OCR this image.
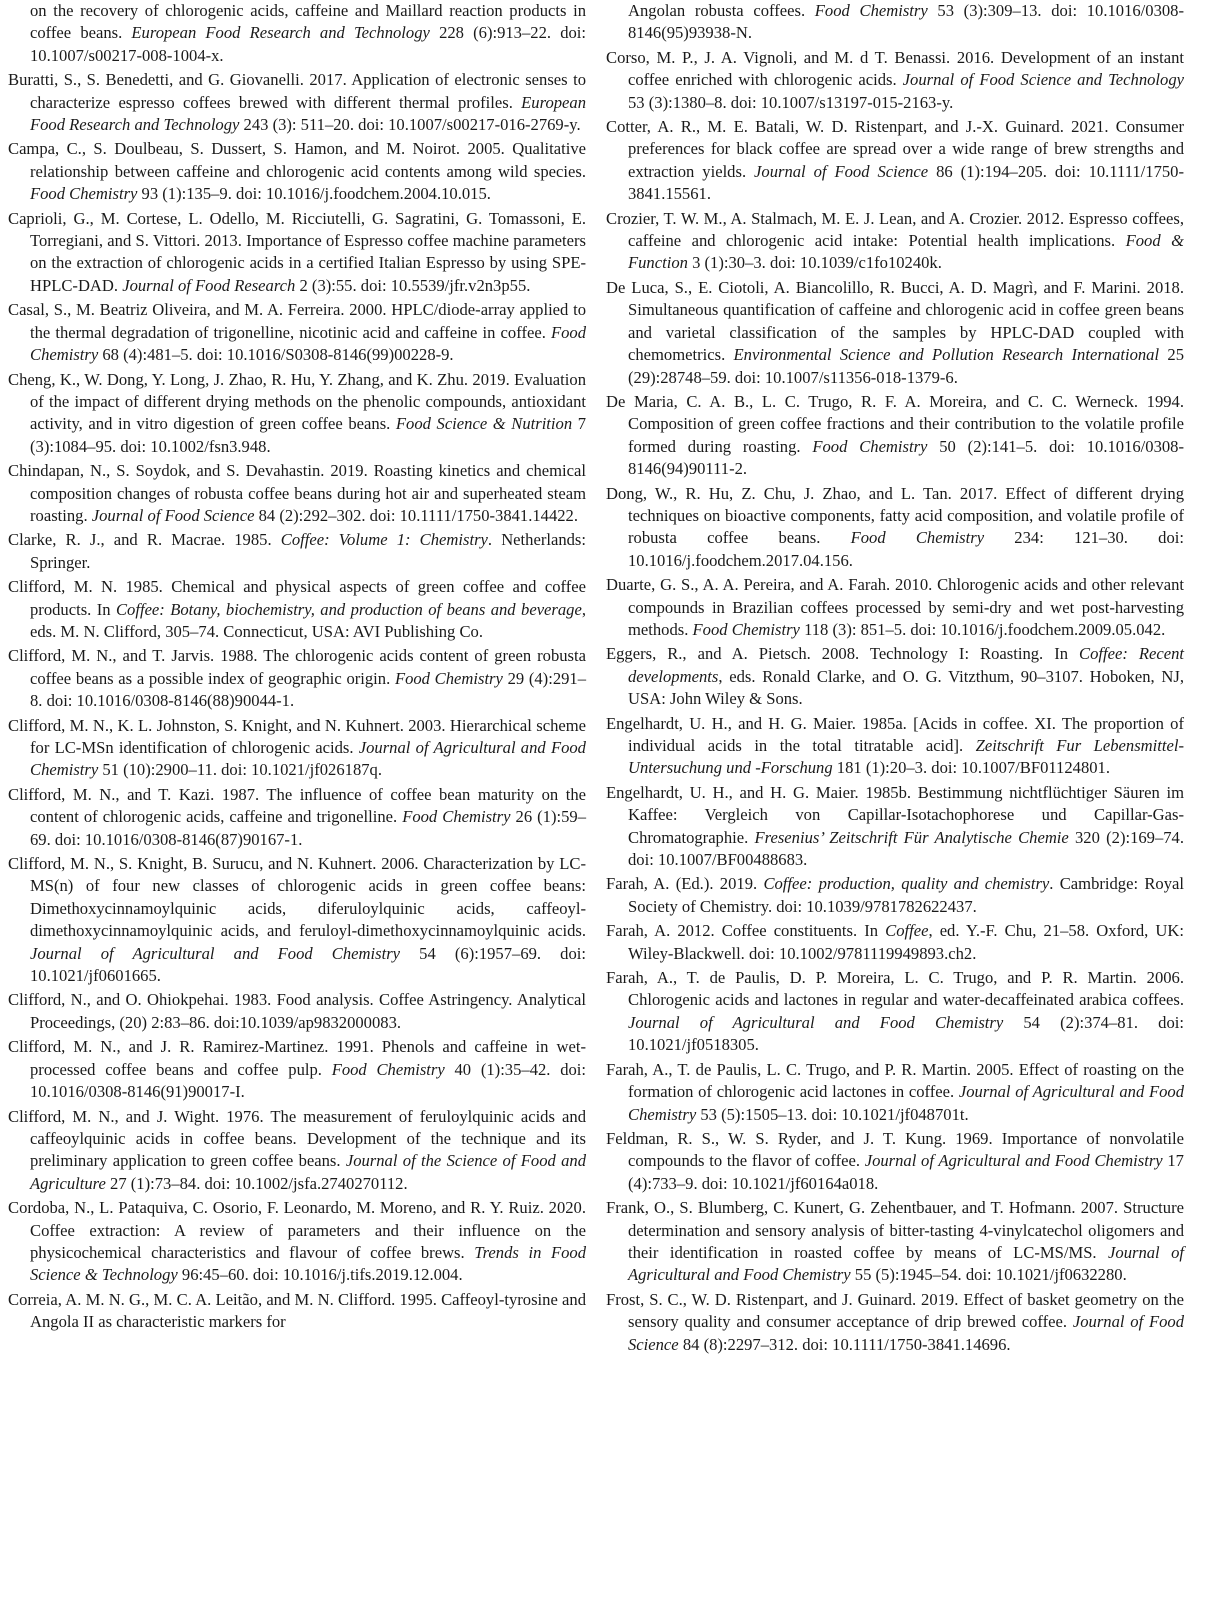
on the recovery of chlorogenic acids, caffeine and Maillard reaction products in coffee beans. European Food Research and Technology 228 (6):913–22. doi: 10.1007/s00217-008-1004-x.

Buratti, S., S. Benedetti, and G. Giovanelli. 2017. Application of electronic senses to characterize espresso coffees brewed with different thermal profiles. European Food Research and Technology 243 (3): 511–20. doi: 10.1007/s00217-016-2769-y.

Campa, C., S. Doulbeau, S. Dussert, S. Hamon, and M. Noirot. 2005. Qualitative relationship between caffeine and chlorogenic acid contents among wild species. Food Chemistry 93 (1):135–9. doi: 10.1016/j.foodchem.2004.10.015.

Caprioli, G., M. Cortese, L. Odello, M. Ricciutelli, G. Sagratini, G. Tomassoni, E. Torregiani, and S. Vittori. 2013. Importance of Espresso coffee machine parameters on the extraction of chlorogenic acids in a certified Italian Espresso by using SPE-HPLC-DAD. Journal of Food Research 2 (3):55. doi: 10.5539/jfr.v2n3p55.

Casal, S., M. Beatriz Oliveira, and M. A. Ferreira. 2000. HPLC/diode-array applied to the thermal degradation of trigonelline, nicotinic acid and caffeine in coffee. Food Chemistry 68 (4):481–5. doi: 10.1016/S0308-8146(99)00228-9.

Cheng, K., W. Dong, Y. Long, J. Zhao, R. Hu, Y. Zhang, and K. Zhu. 2019. Evaluation of the impact of different drying methods on the phenolic compounds, antioxidant activity, and in vitro digestion of green coffee beans. Food Science & Nutrition 7 (3):1084–95. doi: 10.1002/fsn3.948.

Chindapan, N., S. Soydok, and S. Devahastin. 2019. Roasting kinetics and chemical composition changes of robusta coffee beans during hot air and superheated steam roasting. Journal of Food Science 84 (2):292–302. doi: 10.1111/1750-3841.14422.

Clarke, R. J., and R. Macrae. 1985. Coffee: Volume 1: Chemistry. Netherlands: Springer.

Clifford, M. N. 1985. Chemical and physical aspects of green coffee and coffee products. In Coffee: Botany, biochemistry, and production of beans and beverage, eds. M. N. Clifford, 305–74. Connecticut, USA: AVI Publishing Co.

Clifford, M. N., and T. Jarvis. 1988. The chlorogenic acids content of green robusta coffee beans as a possible index of geographic origin. Food Chemistry 29 (4):291–8. doi: 10.1016/0308-8146(88)90044-1.

Clifford, M. N., K. L. Johnston, S. Knight, and N. Kuhnert. 2003. Hierarchical scheme for LC-MSn identification of chlorogenic acids. Journal of Agricultural and Food Chemistry 51 (10):2900–11. doi: 10.1021/jf026187q.

Clifford, M. N., and T. Kazi. 1987. The influence of coffee bean maturity on the content of chlorogenic acids, caffeine and trigonelline. Food Chemistry 26 (1):59–69. doi: 10.1016/0308-8146(87)90167-1.

Clifford, M. N., S. Knight, B. Surucu, and N. Kuhnert. 2006. Characterization by LC-MS(n) of four new classes of chlorogenic acids in green coffee beans: Dimethoxycinnamoylquinic acids, diferuloylquinic acids, caffeoyl-dimethoxycinnamoylquinic acids, and feruloyl-dimethoxycinnamoylquinic acids. Journal of Agricultural and Food Chemistry 54 (6):1957–69. doi: 10.1021/jf0601665.

Clifford, N., and O. Ohiokpehai. 1983. Food analysis. Coffee Astringency. Analytical Proceedings, (20) 2:83–86. doi:10.1039/ap9832000083.

Clifford, M. N., and J. R. Ramirez-Martinez. 1991. Phenols and caffeine in wet-processed coffee beans and coffee pulp. Food Chemistry 40 (1):35–42. doi: 10.1016/0308-8146(91)90017-I.

Clifford, M. N., and J. Wight. 1976. The measurement of feruloylquinic acids and caffeoylquinic acids in coffee beans. Development of the technique and its preliminary application to green coffee beans. Journal of the Science of Food and Agriculture 27 (1):73–84. doi: 10.1002/jsfa.2740270112.

Cordoba, N., L. Pataquiva, C. Osorio, F. Leonardo, M. Moreno, and R. Y. Ruiz. 2020. Coffee extraction: A review of parameters and their influence on the physicochemical characteristics and flavour of coffee brews. Trends in Food Science & Technology 96:45–60. doi: 10.1016/j.tifs.2019.12.004.

Correia, A. M. N. G., M. C. A. Leitão, and M. N. Clifford. 1995. Caffeoyl-tyrosine and Angola II as characteristic markers for

Angolan robusta coffees. Food Chemistry 53 (3):309–13. doi: 10.1016/0308-8146(95)93938-N.

Corso, M. P., J. A. Vignoli, and M. d T. Benassi. 2016. Development of an instant coffee enriched with chlorogenic acids. Journal of Food Science and Technology 53 (3):1380–8. doi: 10.1007/s13197-015-2163-y.

Cotter, A. R., M. E. Batali, W. D. Ristenpart, and J.-X. Guinard. 2021. Consumer preferences for black coffee are spread over a wide range of brew strengths and extraction yields. Journal of Food Science 86 (1):194–205. doi: 10.1111/1750-3841.15561.

Crozier, T. W. M., A. Stalmach, M. E. J. Lean, and A. Crozier. 2012. Espresso coffees, caffeine and chlorogenic acid intake: Potential health implications. Food & Function 3 (1):30–3. doi: 10.1039/c1fo10240k.

De Luca, S., E. Ciotoli, A. Biancolillo, R. Bucci, A. D. Magrì, and F. Marini. 2018. Simultaneous quantification of caffeine and chlorogenic acid in coffee green beans and varietal classification of the samples by HPLC-DAD coupled with chemometrics. Environmental Science and Pollution Research International 25 (29):28748–59. doi: 10.1007/s11356-018-1379-6.

De Maria, C. A. B., L. C. Trugo, R. F. A. Moreira, and C. C. Werneck. 1994. Composition of green coffee fractions and their contribution to the volatile profile formed during roasting. Food Chemistry 50 (2):141–5. doi: 10.1016/0308-8146(94)90111-2.

Dong, W., R. Hu, Z. Chu, J. Zhao, and L. Tan. 2017. Effect of different drying techniques on bioactive components, fatty acid composition, and volatile profile of robusta coffee beans. Food Chemistry 234: 121–30. doi: 10.1016/j.foodchem.2017.04.156.

Duarte, G. S., A. A. Pereira, and A. Farah. 2010. Chlorogenic acids and other relevant compounds in Brazilian coffees processed by semi-dry and wet post-harvesting methods. Food Chemistry 118 (3): 851–5. doi: 10.1016/j.foodchem.2009.05.042.

Eggers, R., and A. Pietsch. 2008. Technology I: Roasting. In Coffee: Recent developments, eds. Ronald Clarke, and O. G. Vitzthum, 90–3107. Hoboken, NJ, USA: John Wiley & Sons.

Engelhardt, U. H., and H. G. Maier. 1985a. [Acids in coffee. XI. The proportion of individual acids in the total titratable acid]. Zeitschrift Fur Lebensmittel-Untersuchung und -Forschung 181 (1):20–3. doi: 10.1007/BF01124801.

Engelhardt, U. H., and H. G. Maier. 1985b. Bestimmung nichtflüchtiger Säuren im Kaffee: Vergleich von Capillar-Isotachophorese und Capillar-Gas-Chromatographie. Fresenius’ Zeitschrift Für Analytische Chemie 320 (2):169–74. doi: 10.1007/BF00488683.

Farah, A. (Ed.). 2019. Coffee: production, quality and chemistry. Cambridge: Royal Society of Chemistry. doi: 10.1039/9781782622437.

Farah, A. 2012. Coffee constituents. In Coffee, ed. Y.-F. Chu, 21–58. Oxford, UK: Wiley-Blackwell. doi: 10.1002/9781119949893.ch2.

Farah, A., T. de Paulis, D. P. Moreira, L. C. Trugo, and P. R. Martin. 2006. Chlorogenic acids and lactones in regular and water-decaffeinated arabica coffees. Journal of Agricultural and Food Chemistry 54 (2):374–81. doi: 10.1021/jf0518305.

Farah, A., T. de Paulis, L. C. Trugo, and P. R. Martin. 2005. Effect of roasting on the formation of chlorogenic acid lactones in coffee. Journal of Agricultural and Food Chemistry 53 (5):1505–13. doi: 10.1021/jf048701t.

Feldman, R. S., W. S. Ryder, and J. T. Kung. 1969. Importance of nonvolatile compounds to the flavor of coffee. Journal of Agricultural and Food Chemistry 17 (4):733–9. doi: 10.1021/jf60164a018.

Frank, O., S. Blumberg, C. Kunert, G. Zehentbauer, and T. Hofmann. 2007. Structure determination and sensory analysis of bitter-tasting 4-vinylcatechol oligomers and their identification in roasted coffee by means of LC-MS/MS. Journal of Agricultural and Food Chemistry 55 (5):1945–54. doi: 10.1021/jf0632280.

Frost, S. C., W. D. Ristenpart, and J. Guinard. 2019. Effect of basket geometry on the sensory quality and consumer acceptance of drip brewed coffee. Journal of Food Science 84 (8):2297–312. doi: 10.1111/1750-3841.14696.
